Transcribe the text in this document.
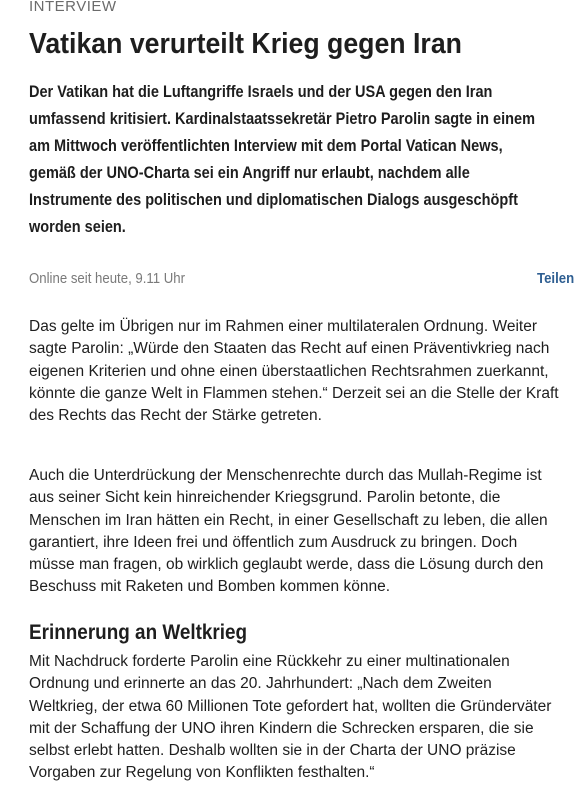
INTERVIEW
Vatikan verurteilt Krieg gegen Iran

Der Vatikan hat die Luftangriffe Israels und der USA gegen den Iran umfassend kritisiert. Kardinalstaatssekretär Pietro Parolin sagte in einem am Mittwoch veröffentlichten Interview mit dem Portal Vatican News, gemäß der UNO-Charta sei ein Angriff nur erlaubt, nachdem alle Instrumente des politischen und diplomatischen Dialogs ausgeschöpft worden seien.

Online seit heute, 9.11 Uhr	Teilen

Das gelte im Übrigen nur im Rahmen einer multilateralen Ordnung. Weiter sagte Parolin: „Würde den Staaten das Recht auf einen Präventivkrieg nach eigenen Kriterien und ohne einen überstaatlichen Rechtsrahmen zuerkannt, könnte die ganze Welt in Flammen stehen.“ Derzeit sei an die Stelle der Kraft des Rechts das Recht der Stärke getreten.

Auch die Unterdrückung der Menschenrechte durch das Mullah-Regime ist aus seiner Sicht kein hinreichender Kriegsgrund. Parolin betonte, die Menschen im Iran hätten ein Recht, in einer Gesellschaft zu leben, die allen garantiert, ihre Ideen frei und öffentlich zum Ausdruck zu bringen. Doch müsse man fragen, ob wirklich geglaubt werde, dass die Lösung durch den Beschuss mit Raketen und Bomben kommen könne.

Erinnerung an Weltkrieg

Mit Nachdruck forderte Parolin eine Rückkehr zu einer multinationalen Ordnung und erinnerte an das 20. Jahrhundert: „Nach dem Zweiten Weltkrieg, der etwa 60 Millionen Tote gefordert hat, wollten die Gründerväter mit der Schaffung der UNO ihren Kindern die Schrecken ersparen, die sie selbst erlebt hatten. Deshalb wollten sie in der Charta der UNO präzise Vorgaben zur Regelung von Konflikten festhalten.“
